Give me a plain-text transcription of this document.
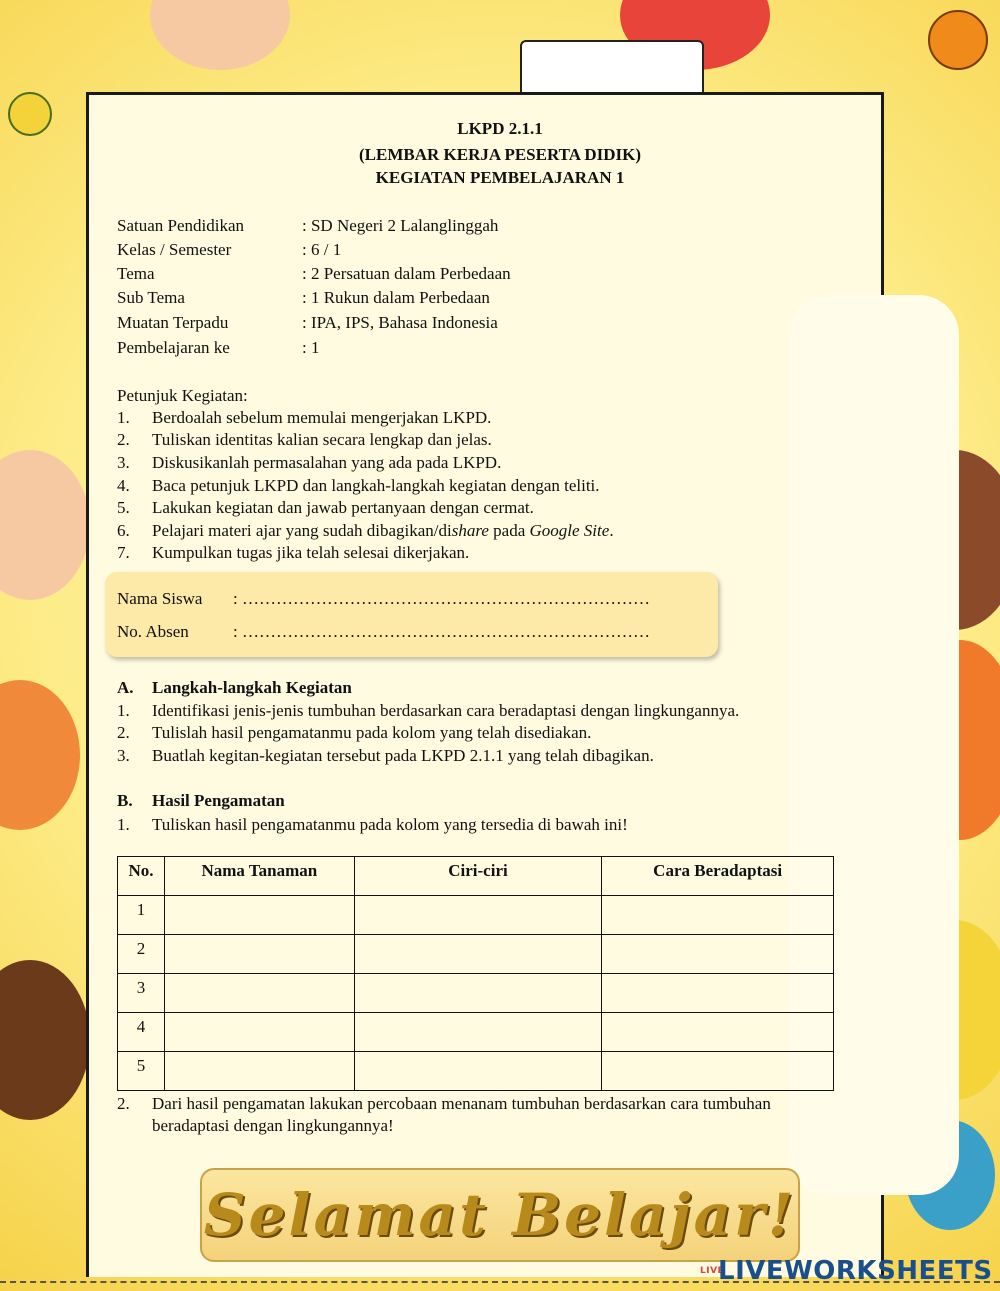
LKPD 2.1.1
(LEMBAR KERJA PESERTA DIDIK)
KEGIATAN PEMBELAJARAN 1
Satuan Pendidikan	: SD Negeri 2 Lalanglinggah
Kelas / Semester	: 6 / 1
Tema	: 2 Persatuan dalam Perbedaan
Sub Tema	: 1 Rukun dalam Perbedaan
Muatan Terpadu	: IPA, IPS, Bahasa Indonesia
Pembelajaran ke	: 1
Petunjuk Kegiatan:
1. Berdoalah sebelum memulai mengerjakan LKPD.
2. Tuliskan identitas kalian secara lengkap dan jelas.
3. Diskusikanlah permasalahan yang ada pada LKPD.
4. Baca petunjuk LKPD dan langkah-langkah kegiatan dengan teliti.
5. Lakukan kegiatan dan jawab pertanyaan dengan cermat.
6. Pelajari materi ajar yang sudah dibagikan/dishare pada Google Site.
7. Kumpulkan tugas jika telah selesai dikerjakan.
Nama Siswa : ………………………………………………………………
No. Absen	: ………………………………………………………………
A. Langkah-langkah Kegiatan
1. Identifikasi jenis-jenis tumbuhan berdasarkan cara beradaptasi dengan lingkungannya.
2. Tulislah hasil pengamatanmu pada kolom yang telah disediakan.
3. Buatlah kegitan-kegiatan tersebut pada LKPD 2.1.1 yang telah dibagikan.
B. Hasil Pengamatan
1. Tuliskan hasil pengamatanmu pada kolom yang tersedia di bawah ini!
No.	Nama Tanaman	Ciri-ciri	Cara Beradaptasi
1			
2			
3			
4			
5			
2. Dari hasil pengamatan lakukan percobaan menanam tumbuhan berdasarkan cara tumbuhan
beradaptasi dengan lingkungannya!
Selamat Belajar!
LIVELIVEWORKSHEETS
